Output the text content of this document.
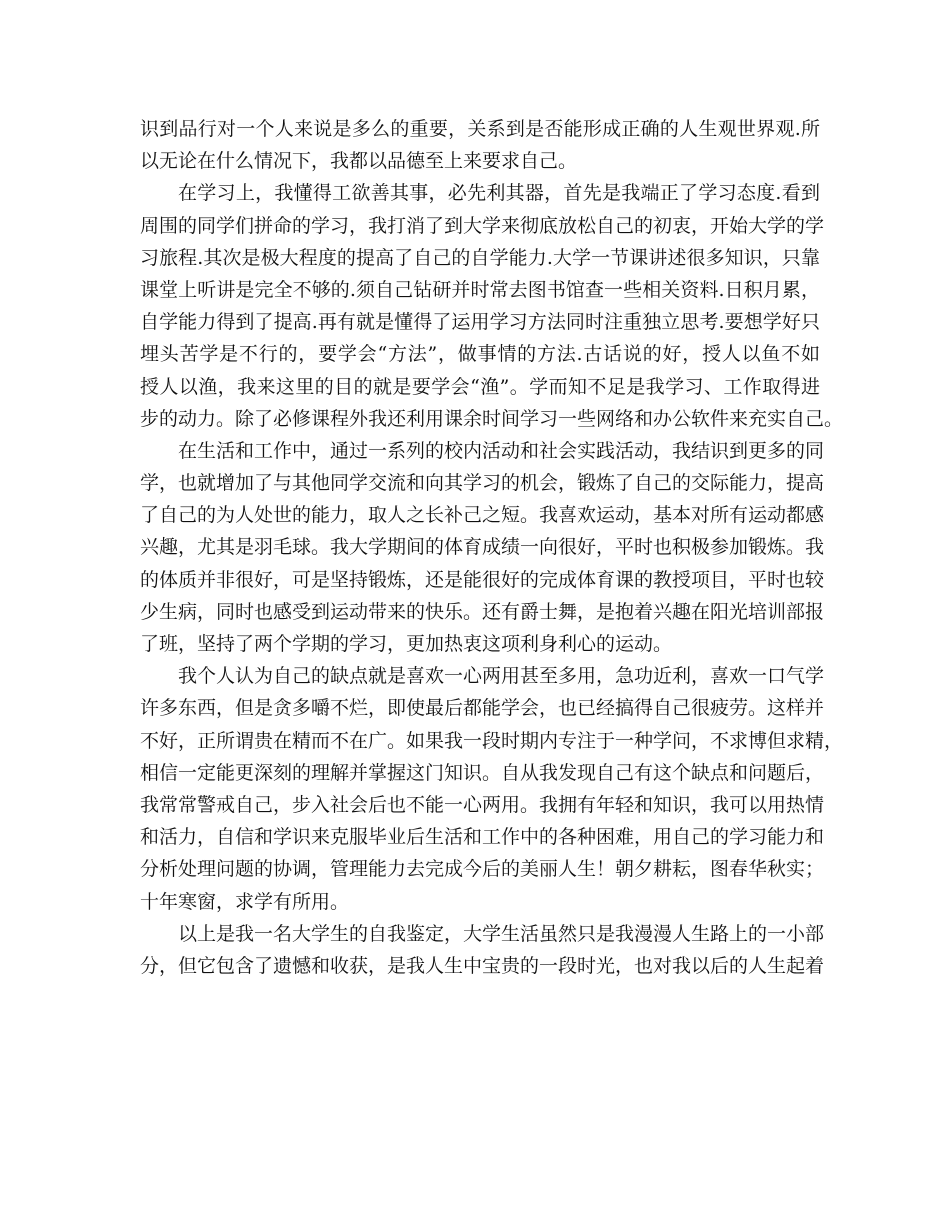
识到品行对一个人来说是多么的重要，关系到是否能形成正确的人生观世界观.所
以无论在什么情况下，我都以品德至上来要求自己。
在学习上，我懂得工欲善其事，必先利其器，首先是我端正了学习态度.看到
周围的同学们拼命的学习，我打消了到大学来彻底放松自己的初衷，开始大学的学
习旅程.其次是极大程度的提高了自己的自学能力.大学一节课讲述很多知识，只靠
课堂上听讲是完全不够的.须自己钻研并时常去图书馆查一些相关资料.日积月累，
自学能力得到了提高.再有就是懂得了运用学习方法同时注重独立思考.要想学好只
埋头苦学是不行的，要学会“方法”，做事情的方法.古话说的好，授人以鱼不如
授人以渔，我来这里的目的就是要学会“渔”。学而知不足是我学习、工作取得进
步的动力。除了必修课程外我还利用课余时间学习一些网络和办公软件来充实自己。
在生活和工作中，通过一系列的校内活动和社会实践活动，我结识到更多的同
学，也就增加了与其他同学交流和向其学习的机会，锻炼了自己的交际能力，提高
了自己的为人处世的能力，取人之长补己之短。我喜欢运动，基本对所有运动都感
兴趣，尤其是羽毛球。我大学期间的体育成绩一向很好，平时也积极参加锻炼。我
的体质并非很好，可是坚持锻炼，还是能很好的完成体育课的教授项目，平时也较
少生病，同时也感受到运动带来的快乐。还有爵士舞，是抱着兴趣在阳光培训部报
了班，坚持了两个学期的学习，更加热衷这项利身利心的运动。
我个人认为自己的缺点就是喜欢一心两用甚至多用，急功近利，喜欢一口气学
许多东西，但是贪多嚼不烂，即使最后都能学会，也已经搞得自己很疲劳。这样并
不好，正所谓贵在精而不在广。如果我一段时期内专注于一种学问，不求博但求精，
相信一定能更深刻的理解并掌握这门知识。自从我发现自己有这个缺点和问题后，
我常常警戒自己，步入社会后也不能一心两用。我拥有年轻和知识，我可以用热情
和活力，自信和学识来克服毕业后生活和工作中的各种困难，用自己的学习能力和
分析处理问题的协调，管理能力去完成今后的美丽人生！朝夕耕耘，图春华秋实；
十年寒窗，求学有所用。
以上是我一名大学生的自我鉴定，大学生活虽然只是我漫漫人生路上的一小部
分，但它包含了遗憾和收获，是我人生中宝贵的一段时光，也对我以后的人生起着
